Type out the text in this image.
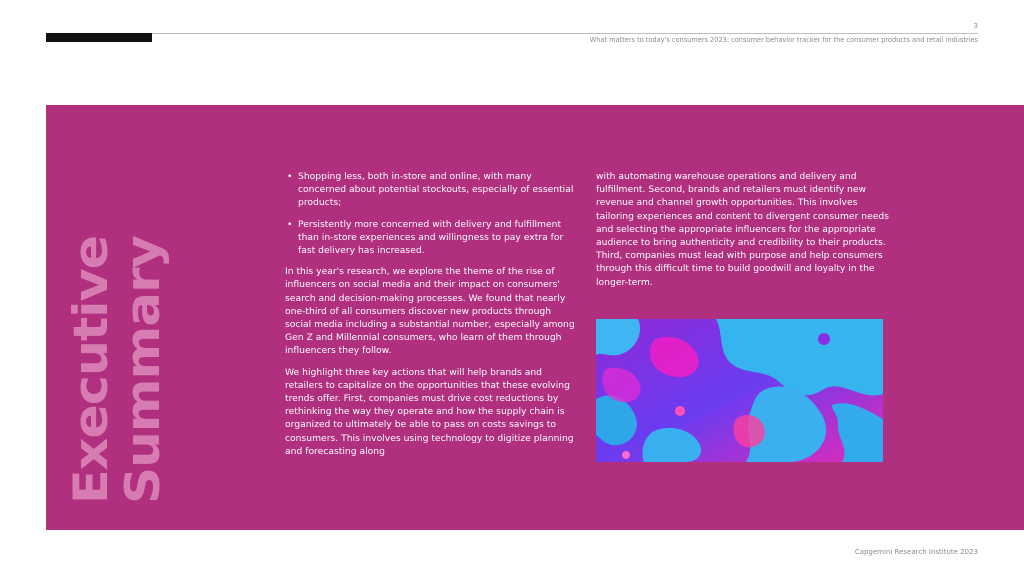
3
What matters to today's consumers 2023: consumer behavior tracker for the consumer products and retail industries
Executive
Summary
• Shopping less, both in-store and online, with many concerned about potential stockouts, especially of essential products;
• Persistently more concerned with delivery and fulfillment than in-store experiences and willingness to pay extra for fast delivery has increased.

In this year's research, we explore the theme of the rise of influencers on social media and their impact on consumers' search and decision-making processes. We found that nearly one-third of all consumers discover new products through social media including a substantial number, especially among Gen Z and Millennial consumers, who learn of them through influencers they follow.

We highlight three key actions that will help brands and retailers to capitalize on the opportunities that these evolving trends offer. First, companies must drive cost reductions by rethinking the way they operate and how the supply chain is organized to ultimately be able to pass on costs savings to consumers. This involves using technology to digitize planning and forecasting along

with automating warehouse operations and delivery and fulfillment. Second, brands and retailers must identify new revenue and channel growth opportunities. This involves tailoring experiences and content to divergent consumer needs and selecting the appropriate influencers for the appropriate audience to bring authenticity and credibility to their products. Third, companies must lead with purpose and help consumers through this difficult time to build goodwill and loyalty in the longer-term.

Capgemini Research Institute 2023
